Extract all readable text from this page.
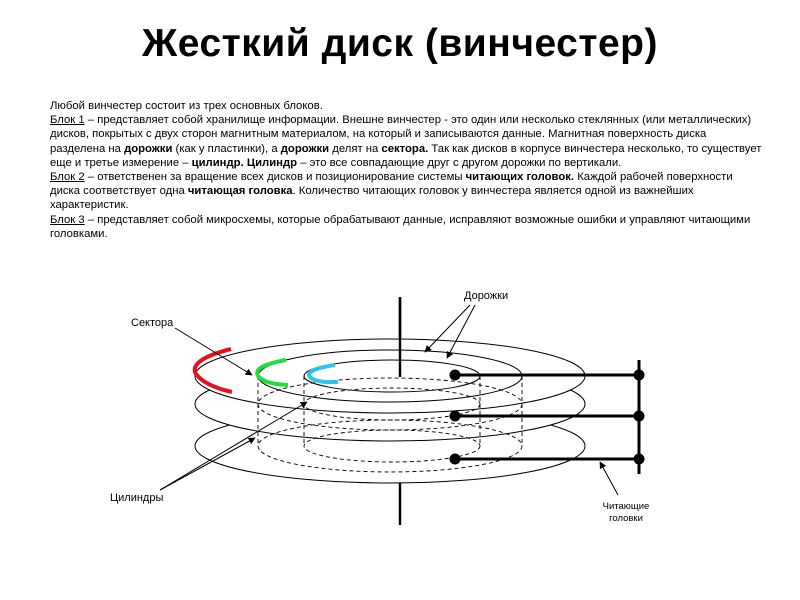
Жесткий диск (винчестер)

Любой винчестер состоит из трех основных блоков.

Блок 1 – представляет собой хранилище информации. Внешне винчестер - это один или несколько стеклянных (или металлических) дисков, покрытых с двух сторон магнитным материалом, на который и записываются данные. Магнитная поверхность диска разделена на дорожки (как у пластинки), а дорожки делят на сектора. Так как дисков в корпусе винчестера несколько, то существует еще и третье измерение – цилиндр. Цилиндр – это все совпадающие друг с другом дорожки по вертикали.

Блок 2 – ответственен за вращение всех дисков и позиционирование системы читающих головок. Каждой рабочей поверхности диска соответствует одна читающая головка. Количество читающих головок у винчестера является одной из важнейших характеристик.

Блок 3 – представляет собой микросхемы, которые обрабатывают данные, исправляют возможные ошибки и управляют читающими головками.

Дорожки
Сектора
Цилиндры
Читающие
головки
